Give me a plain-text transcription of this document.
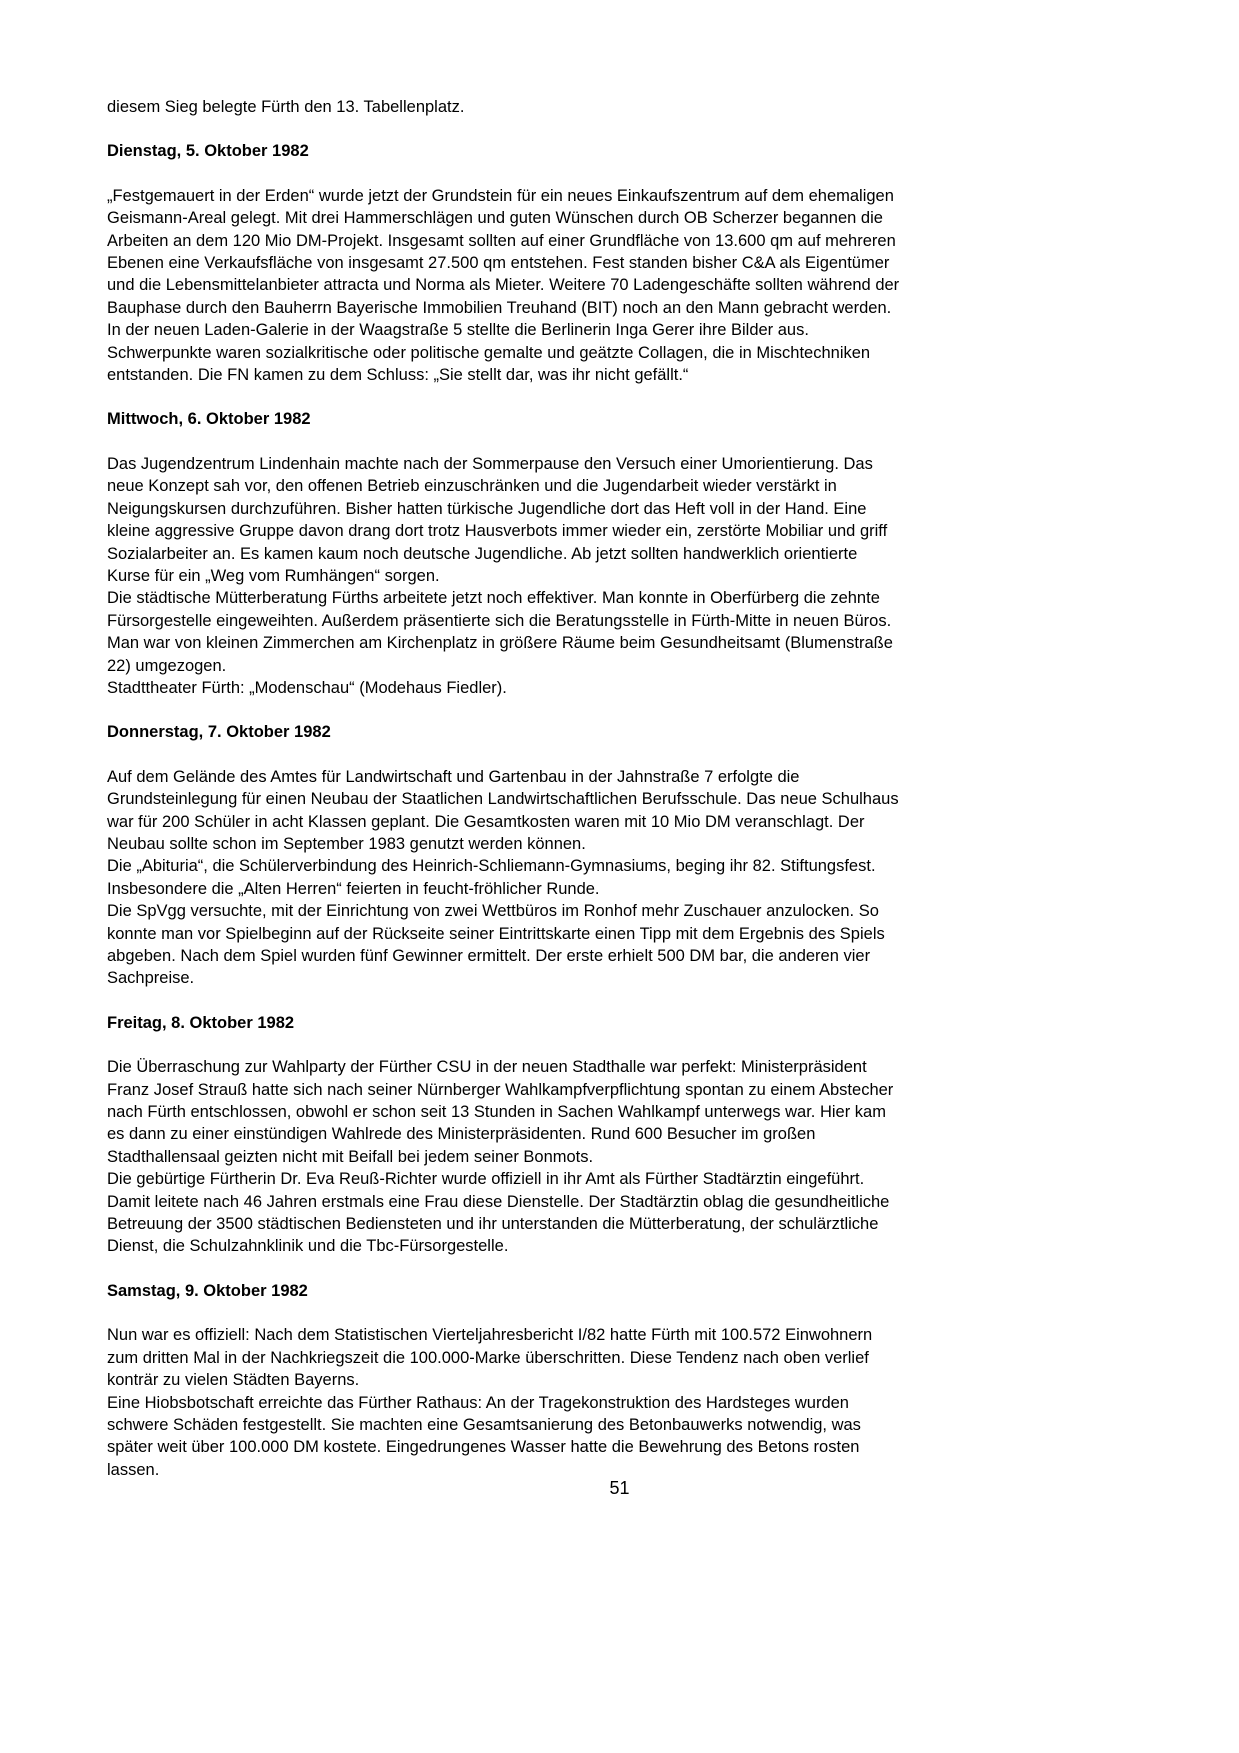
diesem Sieg belegte Fürth den 13. Tabellenplatz.

Dienstag, 5. Oktober 1982
„Festgemauert in der Erden“ wurde jetzt der Grundstein für ein neues Einkaufszentrum auf dem ehemaligen
Geismann-Areal gelegt. Mit drei Hammerschlägen und guten Wünschen durch OB Scherzer begannen die
Arbeiten an dem 120 Mio DM-Projekt. Insgesamt sollten auf einer Grundfläche von 13.600 qm auf mehreren
Ebenen eine Verkaufsfläche von insgesamt 27.500 qm entstehen. Fest standen bisher C&A als Eigentümer
und die Lebensmittelanbieter attracta und Norma als Mieter. Weitere 70 Ladengeschäfte sollten während der
Bauphase durch den Bauherrn Bayerische Immobilien Treuhand (BIT) noch an den Mann gebracht werden.
In der neuen Laden-Galerie in der Waagstraße 5 stellte die Berlinerin Inga Gerer ihre Bilder aus.
Schwerpunkte waren sozialkritische oder politische gemalte und geätzte Collagen, die in Mischtechniken
entstanden. Die FN kamen zu dem Schluss: „Sie stellt dar, was ihr nicht gefällt.“
Mittwoch, 6. Oktober 1982
Das Jugendzentrum Lindenhain machte nach der Sommerpause den Versuch einer Umorientierung. Das
neue Konzept sah vor, den offenen Betrieb einzuschränken und die Jugendarbeit wieder verstärkt in
Neigungskursen durchzuführen. Bisher hatten türkische Jugendliche dort das Heft voll in der Hand. Eine
kleine aggressive Gruppe davon drang dort trotz Hausverbots immer wieder ein, zerstörte Mobiliar und griff
Sozialarbeiter an. Es kamen kaum noch deutsche Jugendliche. Ab jetzt sollten handwerklich orientierte
Kurse für ein „Weg vom Rumhängen“ sorgen.
Die städtische Mütterberatung Fürths arbeitete jetzt noch effektiver. Man konnte in Oberfürberg die zehnte
Fürsorgestelle eingeweihten. Außerdem präsentierte sich die Beratungsstelle in Fürth-Mitte in neuen Büros.
Man war von kleinen Zimmerchen am Kirchenplatz in größere Räume beim Gesundheitsamt (Blumenstraße
22) umgezogen.
Stadttheater Fürth: „Modenschau“ (Modehaus Fiedler).
Donnerstag, 7. Oktober 1982
Auf dem Gelände des Amtes für Landwirtschaft und Gartenbau in der Jahnstraße 7 erfolgte die
Grundsteinlegung für einen Neubau der Staatlichen Landwirtschaftlichen Berufsschule. Das neue Schulhaus
war für 200 Schüler in acht Klassen geplant. Die Gesamtkosten waren mit 10 Mio DM veranschlagt. Der
Neubau sollte schon im September 1983 genutzt werden können.
Die „Abituria“, die Schülerverbindung des Heinrich-Schliemann-Gymnasiums, beging ihr 82. Stiftungsfest.
Insbesondere die „Alten Herren“ feierten in feucht-fröhlicher Runde.
Die SpVgg versuchte, mit der Einrichtung von zwei Wettbüros im Ronhof mehr Zuschauer anzulocken. So
konnte man vor Spielbeginn auf der Rückseite seiner Eintrittskarte einen Tipp mit dem Ergebnis des Spiels
abgeben. Nach dem Spiel wurden fünf Gewinner ermittelt. Der erste erhielt 500 DM bar, die anderen vier
Sachpreise.
Freitag, 8. Oktober 1982
Die Überraschung zur Wahlparty der Fürther CSU in der neuen Stadthalle war perfekt: Ministerpräsident
Franz Josef Strauß hatte sich nach seiner Nürnberger Wahlkampfverpflichtung spontan zu einem Abstecher
nach Fürth entschlossen, obwohl er schon seit 13 Stunden in Sachen Wahlkampf unterwegs war. Hier kam
es dann zu einer einstündigen Wahlrede des Ministerpräsidenten. Rund 600 Besucher im großen
Stadthallensaal geizten nicht mit Beifall bei jedem seiner Bonmots.
Die gebürtige Fürtherin Dr. Eva Reuß-Richter wurde offiziell in ihr Amt als Fürther Stadtärztin eingeführt.
Damit leitete nach 46 Jahren erstmals eine Frau diese Dienstelle. Der Stadtärztin oblag die gesundheitliche
Betreuung der 3500 städtischen Bediensteten und ihr unterstanden die Mütterberatung, der schulärztliche
Dienst, die Schulzahnklinik und die Tbc-Fürsorgestelle.
Samstag, 9. Oktober 1982
Nun war es offiziell: Nach dem Statistischen Vierteljahresbericht I/82 hatte Fürth mit 100.572 Einwohnern
zum dritten Mal in der Nachkriegszeit die 100.000-Marke überschritten. Diese Tendenz nach oben verlief
konträr zu vielen Städten Bayerns.
Eine Hiobsbotschaft erreichte das Fürther Rathaus: An der Tragekonstruktion des Hardsteges wurden
schwere Schäden festgestellt. Sie machten eine Gesamtsanierung des Betonbauwerks notwendig, was
später weit über 100.000 DM kostete. Eingedrungenes Wasser hatte die Bewehrung des Betons rosten
lassen.
51
